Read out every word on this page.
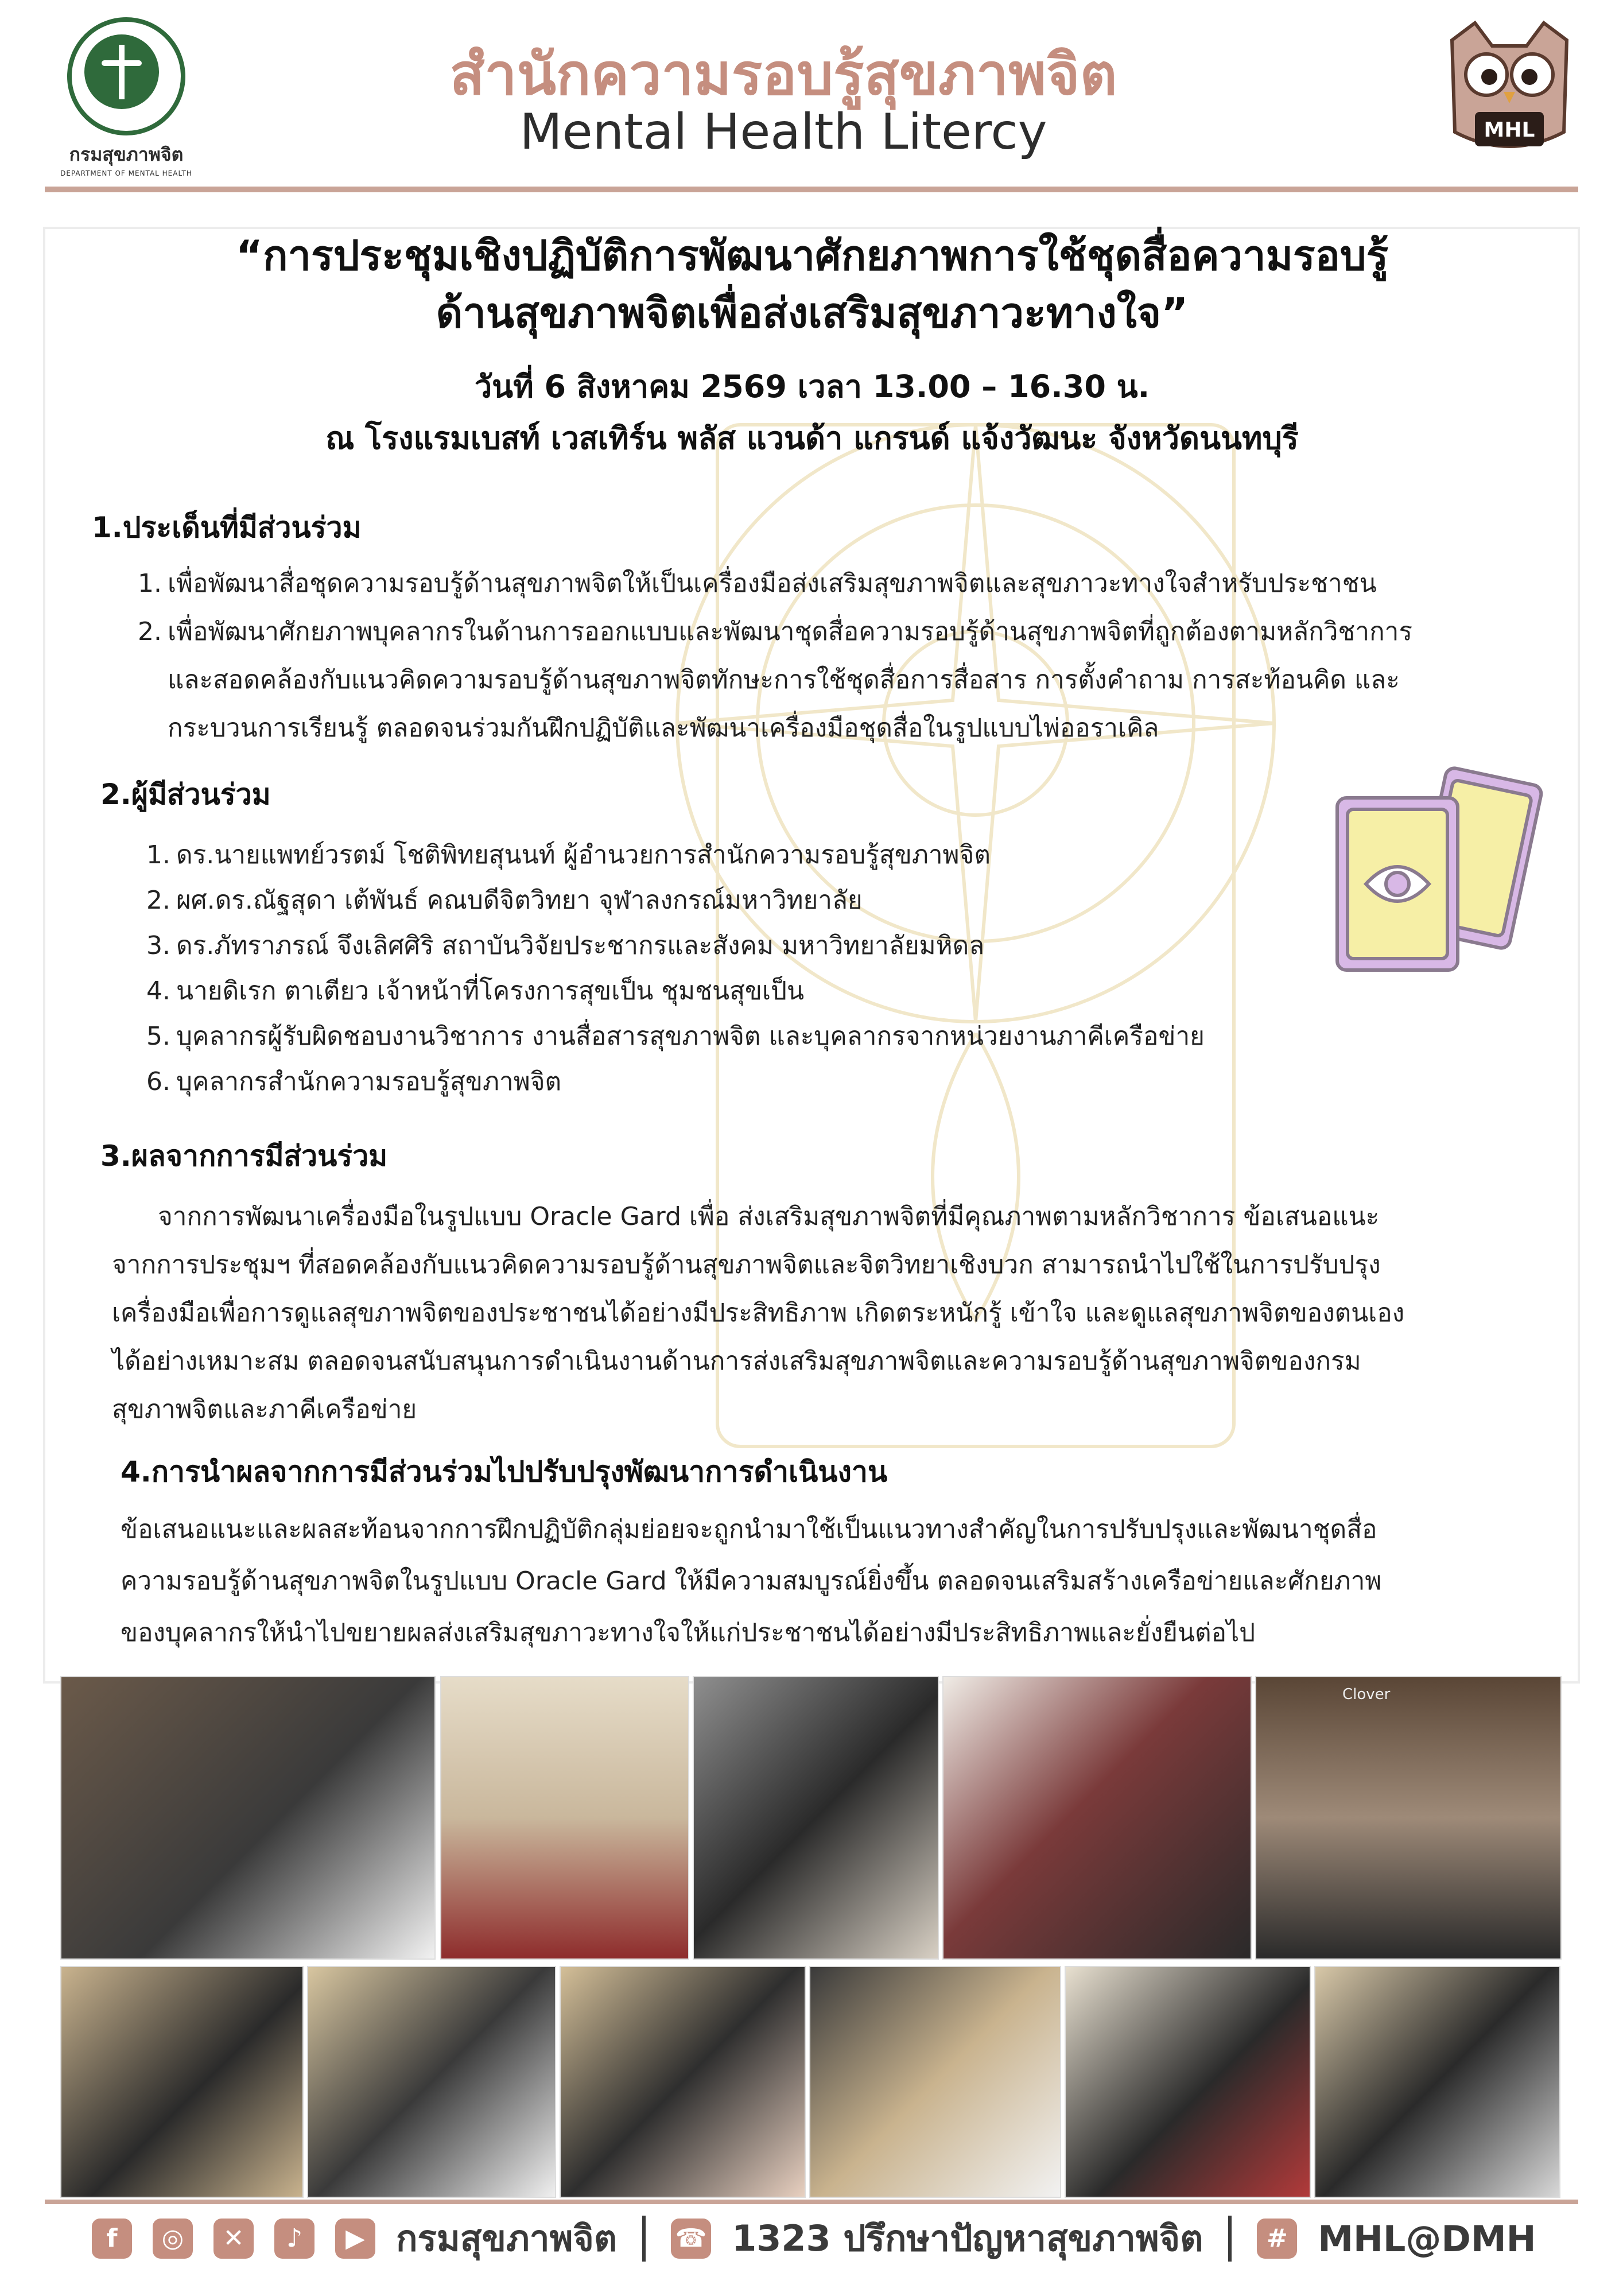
กรมสุขภาพจิต
DEPARTMENT OF MENTAL HEALTH
สำนักความรอบรู้สุขภาพจิต
Mental Health Litercy	MHL
“การประชุมเชิงปฏิบัติการพัฒนาศักยภาพการใช้ชุดสื่อความรอบรู้
ด้านสุขภาพจิตเพื่อส่งเสริมสุขภาวะทางใจ”
วันที่ 6 สิงหาคม 2569 เวลา 13.00 – 16.30 น.
ณ โรงแรมเบสท์ เวสเทิร์น พลัส แวนด้า แกรนด์ แจ้งวัฒนะ จังหวัดนนทบุรี
1.ประเด็นที่มีส่วนร่วม
1. เพื่อพัฒนาสื่อชุดความรอบรู้ด้านสุขภาพจิตให้เป็นเครื่องมือส่งเสริมสุขภาพจิตและสุขภาวะทางใจสำหรับประชาชน
2. เพื่อพัฒนาศักยภาพบุคลากรในด้านการออกแบบและพัฒนาชุดสื่อความรอบรู้ด้านสุขภาพจิตที่ถูกต้องตามหลักวิชาการ
และสอดคล้องกับแนวคิดความรอบรู้ด้านสุขภาพจิตทักษะการใช้ชุดสื่อการสื่อสาร การตั้งคำถาม การสะท้อนคิด และ
กระบวนการเรียนรู้ ตลอดจนร่วมกันฝึกปฏิบัติและพัฒนาเครื่องมือชุดสื่อในรูปแบบไพ่ออราเคิล
2.ผู้มีส่วนร่วม
1. ดร.นายแพทย์วรตม์ โชติพิทยสุนนท์ ผู้อำนวยการสำนักความรอบรู้สุขภาพจิต
2. ผศ.ดร.ณัฐสุดา เต้พันธ์ คณบดีจิตวิทยา จุฬาลงกรณ์มหาวิทยาลัย
3. ดร.ภัทราภรณ์ จึงเลิศศิริ สถาบันวิจัยประชากรและสังคม มหาวิทยาลัยมหิดล
4. นายดิเรก ตาเตียว เจ้าหน้าที่โครงการสุขเป็น ชุมชนสุขเป็น
5. บุคลากรผู้รับผิดชอบงานวิชาการ งานสื่อสารสุขภาพจิต และบุคลากรจากหน่วยงานภาคีเครือข่าย
6. บุคลากรสำนักความรอบรู้สุขภาพจิต
3.ผลจากการมีส่วนร่วม
จากการพัฒนาเครื่องมือในรูปแบบ Oracle Gard เพื่อ ส่งเสริมสุขภาพจิตที่มีคุณภาพตามหลักวิชาการ ข้อเสนอแนะ
จากการประชุมฯ ที่สอดคล้องกับแนวคิดความรอบรู้ด้านสุขภาพจิตและจิตวิทยาเชิงบวก สามารถนำไปใช้ในการปรับปรุง
เครื่องมือเพื่อการดูแลสุขภาพจิตของประชาชนได้อย่างมีประสิทธิภาพ เกิดตระหนักรู้ เข้าใจ และดูแลสุขภาพจิตของตนเอง
ได้อย่างเหมาะสม ตลอดจนสนับสนุนการดำเนินงานด้านการส่งเสริมสุขภาพจิตและความรอบรู้ด้านสุขภาพจิตของกรม
สุขภาพจิตและภาคีเครือข่าย
4.การนำผลจากการมีส่วนร่วมไปปรับปรุงพัฒนาการดำเนินงาน
ข้อเสนอแนะและผลสะท้อนจากการฝึกปฏิบัติกลุ่มย่อยจะถูกนำมาใช้เป็นแนวทางสำคัญในการปรับปรุงและพัฒนาชุดสื่อ
ความรอบรู้ด้านสุขภาพจิตในรูปแบบ Oracle Gard ให้มีความสมบูรณ์ยิ่งขึ้น ตลอดจนเสริมสร้างเครือข่ายและศักยภาพ
ของบุคลากรให้นำไปขยายผลส่งเสริมสุขภาวะทางใจให้แก่ประชาชนได้อย่างมีประสิทธิภาพและยั่งยืนต่อไป
Clover
f	◎	✕	♪	▶ กรมสุขภาพจิต ☎ 1323 ปรึกษาปัญหาสุขภาพจิต	# MHL@DMH
